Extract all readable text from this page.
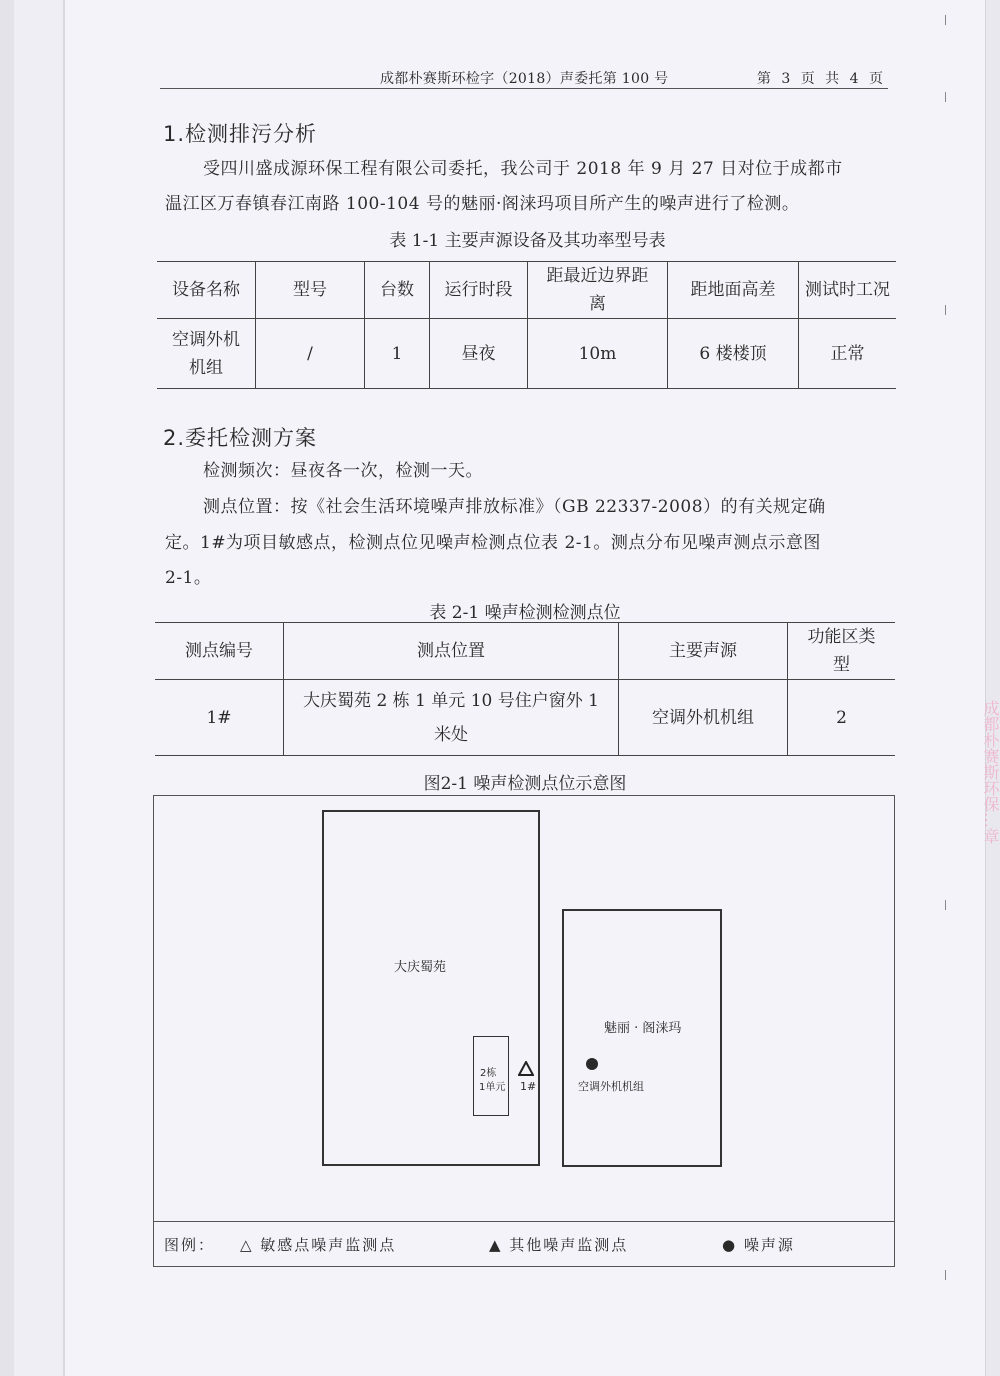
成都朴赛斯环保…章
成都朴赛斯环检字（2018）声委托第 100 号	第 3 页 共 4 页
1.检测排污分析
受四川盛成源环保工程有限公司委托，我公司于 2018 年 9 月 27 日对位于成都市
温江区万春镇春江南路 100-104 号的魅丽·阁涞玛项目所产生的噪声进行了检测。
表 1-1 主要声源设备及其功率型号表
设备名称	型号	台数	运行时段	距最近边界距离	距地面高差	测试时工况
空调外机机组	/	1	昼夜	10m	6 楼楼顶	正常
2.委托检测方案
检测频次：昼夜各一次，检测一天。
测点位置：按《社会生活环境噪声排放标准》（GB 22337-2008）的有关规定确
定。1#为项目敏感点，检测点位见噪声检测点位表 2-1。测点分布见噪声测点示意图
2-1。
表 2-1 噪声检测检测点位
测点编号	测点位置	主要声源	功能区类型
1#	大庆蜀苑 2 栋 1 单元 10 号住户窗外 1 米处	空调外机机组	2
图2-1 噪声检测点位示意图
大庆蜀苑
2栋
1单元 1#
魅丽 · 阁涞玛
空调外机机组
图例： △ 敏感点噪声监测点	▲ 其他噪声监测点	● 噪声源
